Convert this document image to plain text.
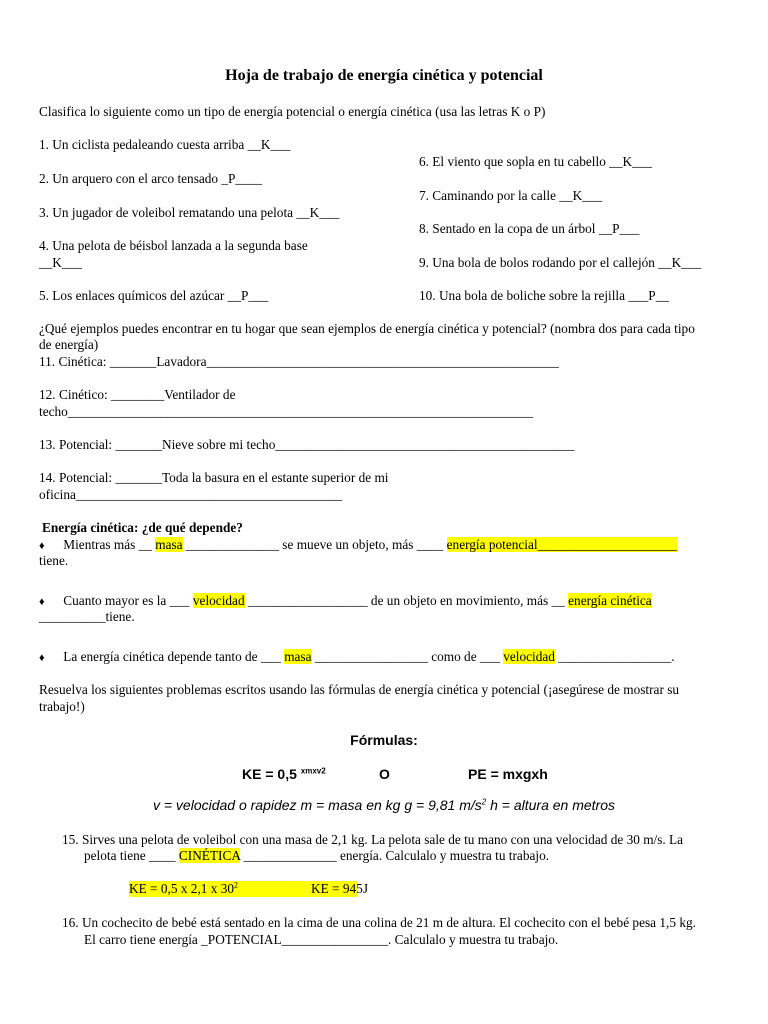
Hoja de trabajo de energía cinética y potencial
Clasifica lo siguiente como un tipo de energía potencial o energía cinética (usa las letras K o P)
1. Un ciclista pedaleando cuesta arriba __K___
2. Un arquero con el arco tensado _P____
3. Un jugador de voleibol rematando una pelota __K___
4. Una pelota de béisbol lanzada a la segunda base
__K___
5. Los enlaces químicos del azúcar __P___
6. El viento que sopla en tu cabello __K___
7. Caminando por la calle __K___
8. Sentado en la copa de un árbol __P___
9. Una bola de bolos rodando por el callejón __K___
10. Una bola de boliche sobre la rejilla ___P__
¿Qué ejemplos puedes encontrar en tu hogar que sean ejemplos de energía cinética y potencial? (nombra dos para cada tipo
de energía)
11. Cinética: _______Lavadora_____________________________________________________
12. Cinético: ________Ventilador de
techo______________________________________________________________________
13. Potencial: _______Nieve sobre mi techo_____________________________________________
14. Potencial: _______Toda la basura en el estante superior de mi
oficina________________________________________
Energía cinética: ¿de qué depende?
♦ Mientras más __ masa ______________ se mueve un objeto, más ____ energía potencial_____________________
tiene.
♦ Cuanto mayor es la ___ velocidad __________________ de un objeto en movimiento, más __ energía cinética
__________tiene.
♦ La energía cinética depende tanto de ___ masa _________________ como de ___ velocidad _________________.
Resuelva los siguientes problemas escritos usando las fórmulas de energía cinética y potencial (¡asegúrese de mostrar su
trabajo!)
Fórmulas:
KE = 0,5 $^{xmxv2}$	O	PE = mxgxh
v = velocidad o rapidez m = masa en kg g = 9,81 $m/s^2$ h = altura en metros
15. Sirves una pelota de voleibol con una masa de 2,1 kg. La pelota sale de tu mano con una velocidad de 30 m/s. La
pelota tiene ____ CINÉTICA ______________ energía. Calculalo y muestra tu trabajo.
KE = 0,5 x 2,1 x $30^2$	KE = 945J
16. Un cochecito de bebé está sentado en la cima de una colina de 21 m de altura. El cochecito con el bebé pesa 1,5 kg.
El carro tiene energía _POTENCIAL________________. Calculalo y muestra tu trabajo.
